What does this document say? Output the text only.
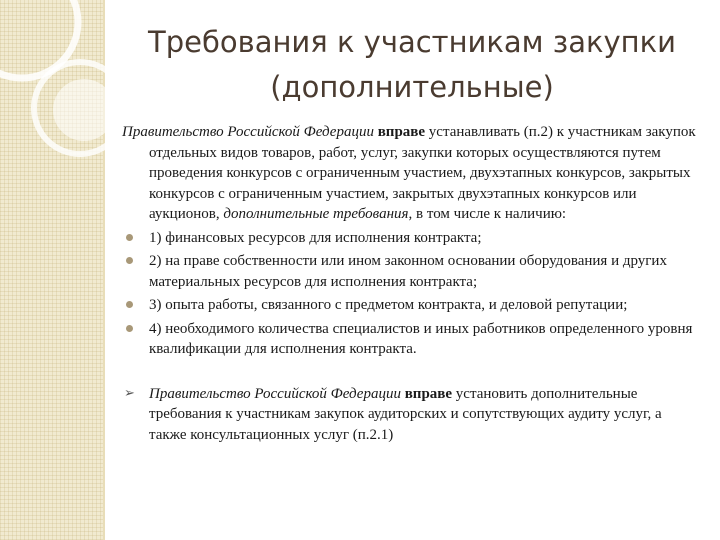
Требования к участникам закупки
(дополнительные)

Правительство Российской Федерации вправе устанавливать (п.2) к участникам закупок отдельных видов товаров, работ, услуг, закупки которых осуществляются путем проведения конкурсов с ограниченным участием, двухэтапных конкурсов, закрытых конкурсов с ограниченным участием, закрытых двухэтапных конкурсов или аукционов, дополнительные требования, в том числе к наличию:

1) финансовых ресурсов для исполнения контракта;
2) на праве собственности или ином законном основании оборудования и других материальных ресурсов для исполнения контракта;
3) опыта работы, связанного с предметом контракта, и деловой репутации;
4) необходимого количества специалистов и иных работников определенного уровня квалификации для исполнения контракта.
➢ Правительство Российской Федерации вправе установить дополнительные требования к участникам закупок аудиторских и сопутствующих аудиту услуг, а также консультационных услуг (п.2.1)
